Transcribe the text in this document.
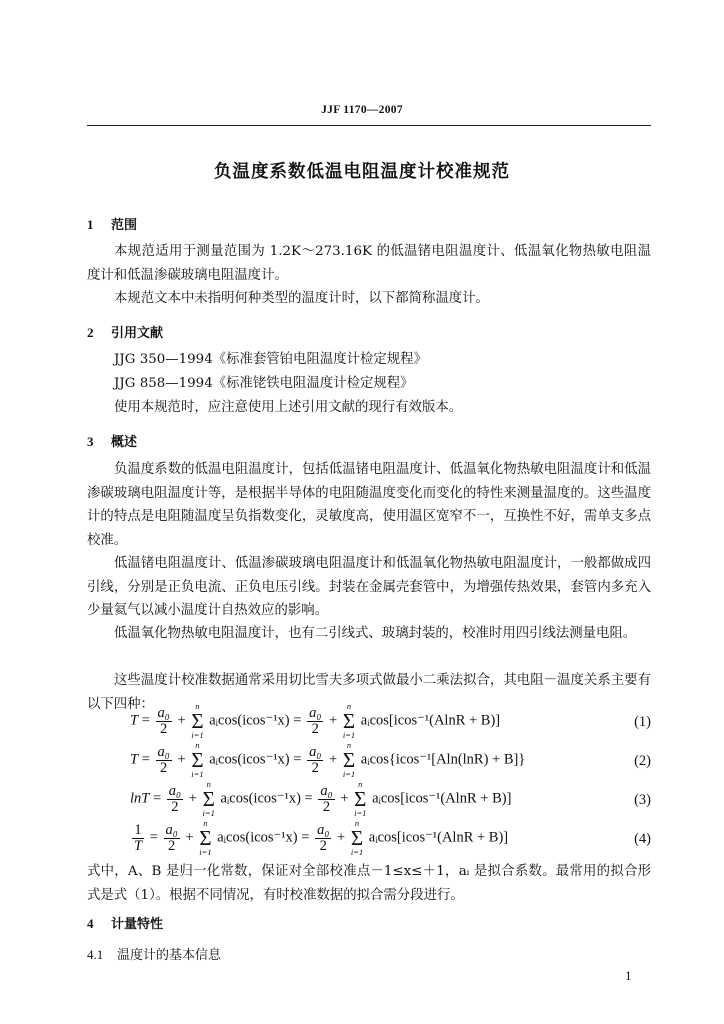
JJF 1170—2007
负温度系数低温电阻温度计校准规范
1 范围
本规范适用于测量范围为 1.2K～273.16K 的低温锗电阻温度计、低温氧化物热敏电阻温度计和低温渗碳玻璃电阻温度计。
本规范文本中未指明何种类型的温度计时，以下都简称温度计。
2 引用文献
JJG 350—1994《标准套管铂电阻温度计检定规程》
JJG 858—1994《标准铑铁电阻温度计检定规程》
使用本规范时，应注意使用上述引用文献的现行有效版本。
3 概述
负温度系数的低温电阻温度计，包括低温锗电阻温度计、低温氧化物热敏电阻温度计和低温渗碳玻璃电阻温度计等，是根据半导体的电阻随温度变化而变化的特性来测量温度的。这些温度计的特点是电阻随温度呈负指数变化，灵敏度高，使用温区宽窄不一，互换性不好，需单支多点校准。
低温锗电阻温度计、低温渗碳玻璃电阻温度计和低温氧化物热敏电阻温度计，一般都做成四引线，分别是正负电流、正负电压引线。封装在金属壳套管中，为增强传热效果，套管内多充入少量氦气以减小温度计自热效应的影响。
低温氧化物热敏电阻温度计，也有二引线式、玻璃封装的，校准时用四引线法测量电阻。
这些温度计校准数据通常采用切比雪夫多项式做最小二乘法拟合，其电阻－温度关系主要有以下四种：
$T = \frac{\text{a₀}}{2}$ +
n
Σ
i=1
aᵢcos(icos⁻¹x) = $\frac{\text{a₀}}{2}$ +
n
Σ
i=1
aᵢcos[icos⁻¹(AlnR + B)]	(1)
$T = \frac{\text{a₀}}{2}$ +
n
Σ
i=1
aᵢcos(icos⁻¹x) = $\frac{\text{a₀}}{2}$ +
n
Σ
i=1
aᵢcos{icos⁻¹[Aln(lnR) + B]}	(2)
$\ln T = \frac{\text{a₀}}{2}$ +
n
Σ
i=1
aᵢcos(icos⁻¹x) = $\frac{\text{a₀}}{2}$ +
n
Σ
i=1
aᵢcos[icos⁻¹(AlnR + B)]	(3)
$\frac{1}{T} = \frac{\text{a₀}}{2}$ +
n
Σ
i=1
aᵢcos(icos⁻¹x) = $\frac{\text{a₀}}{2}$ +
n
Σ
i=1
aᵢcos[icos⁻¹(AlnR + B)]	(4)
式中，A、B 是归一化常数，保证对全部校准点－1≤x≤＋1，aᵢ 是拟合系数。最常用的拟合形式是式（1）。根据不同情况，有时校准数据的拟合需分段进行。
4 计量特性
4.1 温度计的基本信息
1
